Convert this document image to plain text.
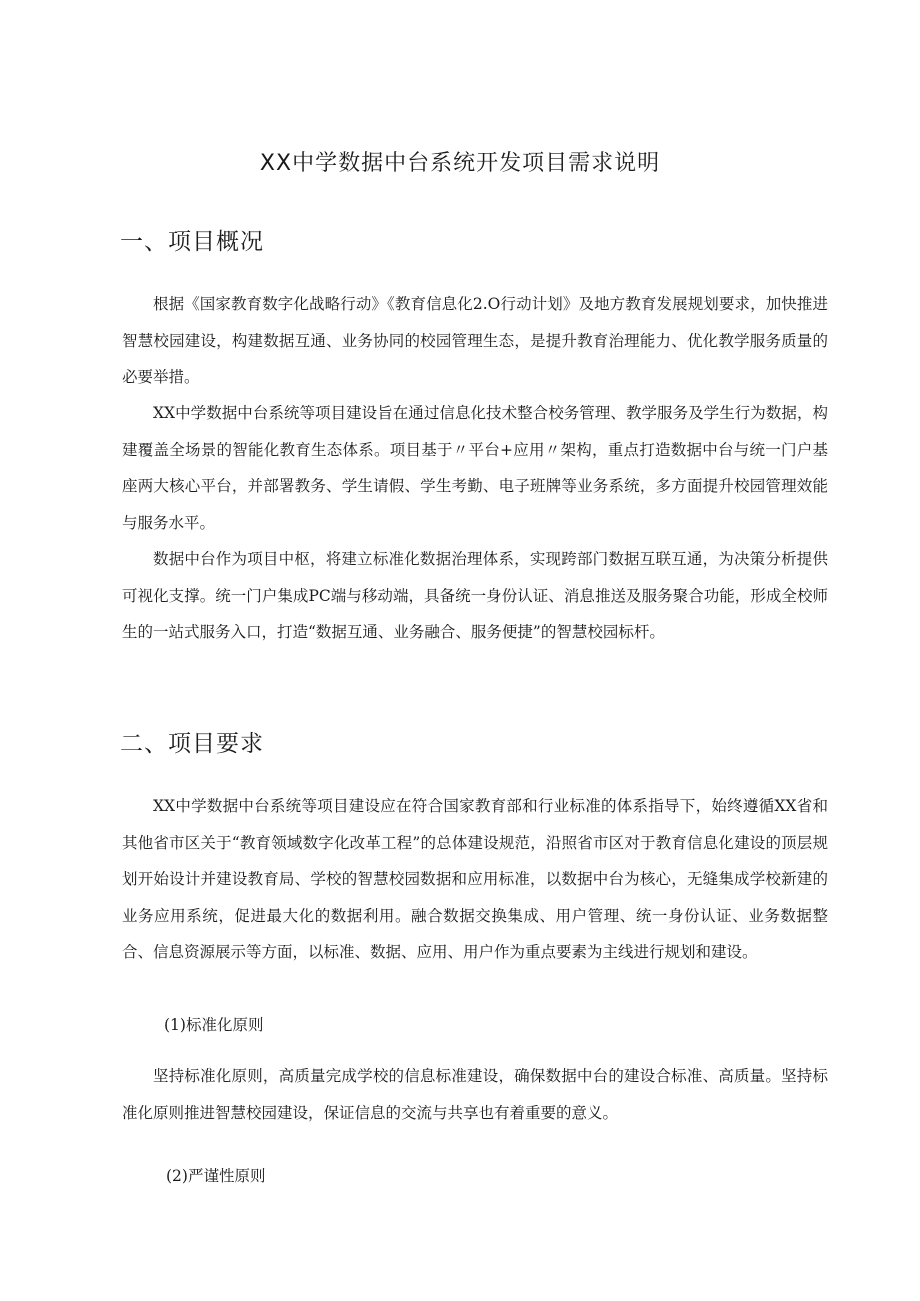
XX中学数据中台系统开发项目需求说明
一、项目概况
根据《国家教育数字化战略行动》《教育信息化2.O行动计划》及地方教育发展规划要求，加快推进智慧校园建设，构建数据互通、业务协同的校园管理生态，是提升教育治理能力、优化教学服务质量的必要举措。
XX中学数据中台系统等项目建设旨在通过信息化技术整合校务管理、教学服务及学生行为数据，构建覆盖全场景的智能化教育生态体系。项目基于〃平台+应用〃架构，重点打造数据中台与统一门户基座两大核心平台，并部署教务、学生请假、学生考勤、电子班牌等业务系统，多方面提升校园管理效能与服务水平。
数据中台作为项目中枢，将建立标准化数据治理体系，实现跨部门数据互联互通，为决策分析提供可视化支撑。统一门户集成PC端与移动端，具备统一身份认证、消息推送及服务聚合功能，形成全校师生的一站式服务入口，打造“数据互通、业务融合、服务便捷”的智慧校园标杆。
二、项目要求
XX中学数据中台系统等项目建设应在符合国家教育部和行业标准的体系指导下，始终遵循XX省和其他省市区关于“教育领域数字化改革工程”的总体建设规范，沿照省市区对于教育信息化建设的顶层规划开始设计并建设教育局、学校的智慧校园数据和应用标准，以数据中台为核心，无缝集成学校新建的业务应用系统，促进最大化的数据利用。融合数据交换集成、用户管理、统一身份认证、业务数据整合、信息资源展示等方面，以标准、数据、应用、用户作为重点要素为主线进行规划和建设。
(1)标准化原则
坚持标准化原则，高质量完成学校的信息标准建设，确保数据中台的建设合标准、高质量。坚持标准化原则推进智慧校园建设，保证信息的交流与共享也有着重要的意义。
(2)严谨性原则
